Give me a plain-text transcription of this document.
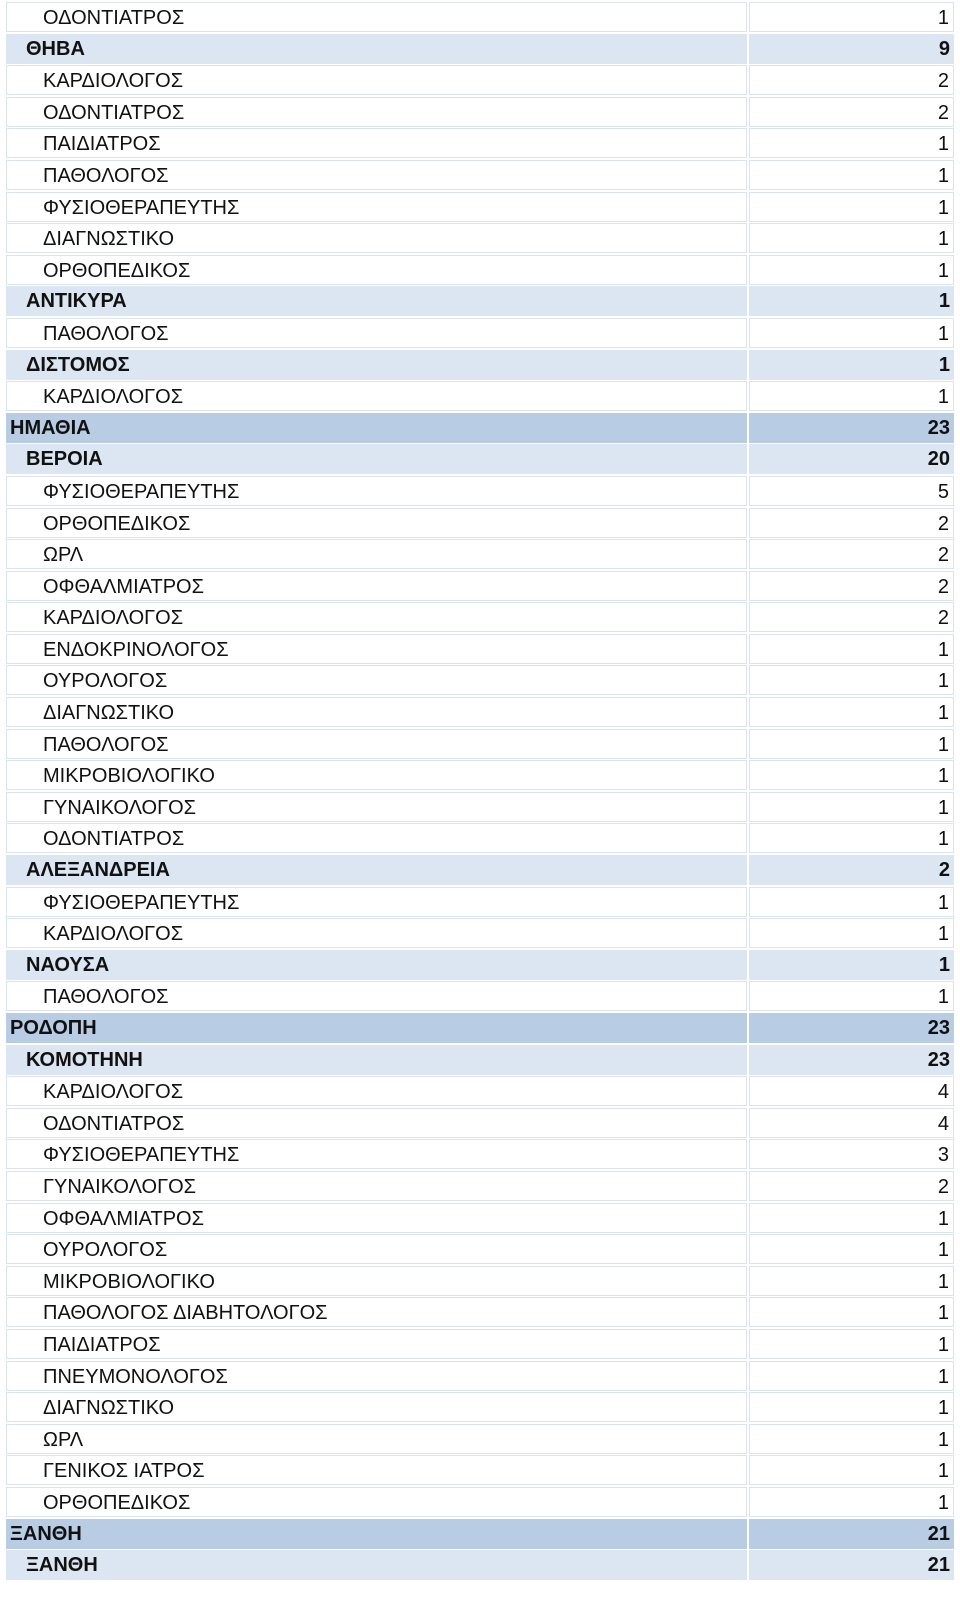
ΟΔΟΝΤΙΑΤΡΟΣ	1
ΘΗΒΑ	9
ΚΑΡΔΙΟΛΟΓΟΣ	2
ΟΔΟΝΤΙΑΤΡΟΣ	2
ΠΑΙΔΙΑΤΡΟΣ	1
ΠΑΘΟΛΟΓΟΣ	1
ΦΥΣΙΟΘΕΡΑΠΕΥΤΗΣ	1
ΔΙΑΓΝΩΣΤΙΚΟ	1
ΟΡΘΟΠΕΔΙΚΟΣ	1
ΑΝΤΙΚΥΡΑ	1
ΠΑΘΟΛΟΓΟΣ	1
ΔΙΣΤΟΜΟΣ	1
ΚΑΡΔΙΟΛΟΓΟΣ	1
ΗΜΑΘΙΑ	23
ΒΕΡΟΙΑ	20
ΦΥΣΙΟΘΕΡΑΠΕΥΤΗΣ	5
ΟΡΘΟΠΕΔΙΚΟΣ	2
ΩΡΛ	2
ΟΦΘΑΛΜΙΑΤΡΟΣ	2
ΚΑΡΔΙΟΛΟΓΟΣ	2
ΕΝΔΟΚΡΙΝΟΛΟΓΟΣ	1
ΟΥΡΟΛΟΓΟΣ	1
ΔΙΑΓΝΩΣΤΙΚΟ	1
ΠΑΘΟΛΟΓΟΣ	1
ΜΙΚΡΟΒΙΟΛΟΓΙΚΟ	1
ΓΥΝΑΙΚΟΛΟΓΟΣ	1
ΟΔΟΝΤΙΑΤΡΟΣ	1
ΑΛΕΞΑΝΔΡΕΙΑ	2
ΦΥΣΙΟΘΕΡΑΠΕΥΤΗΣ	1
ΚΑΡΔΙΟΛΟΓΟΣ	1
ΝΑΟΥΣΑ	1
ΠΑΘΟΛΟΓΟΣ	1
ΡΟΔΟΠΗ	23
ΚΟΜΟΤΗΝΗ	23
ΚΑΡΔΙΟΛΟΓΟΣ	4
ΟΔΟΝΤΙΑΤΡΟΣ	4
ΦΥΣΙΟΘΕΡΑΠΕΥΤΗΣ	3
ΓΥΝΑΙΚΟΛΟΓΟΣ	2
ΟΦΘΑΛΜΙΑΤΡΟΣ	1
ΟΥΡΟΛΟΓΟΣ	1
ΜΙΚΡΟΒΙΟΛΟΓΙΚΟ	1
ΠΑΘΟΛΟΓΟΣ ΔΙΑΒΗΤΟΛΟΓΟΣ	1
ΠΑΙΔΙΑΤΡΟΣ	1
ΠΝΕΥΜΟΝΟΛΟΓΟΣ	1
ΔΙΑΓΝΩΣΤΙΚΟ	1
ΩΡΛ	1
ΓΕΝΙΚΟΣ ΙΑΤΡΟΣ	1
ΟΡΘΟΠΕΔΙΚΟΣ	1
ΞΑΝΘΗ	21
ΞΑΝΘΗ	21
